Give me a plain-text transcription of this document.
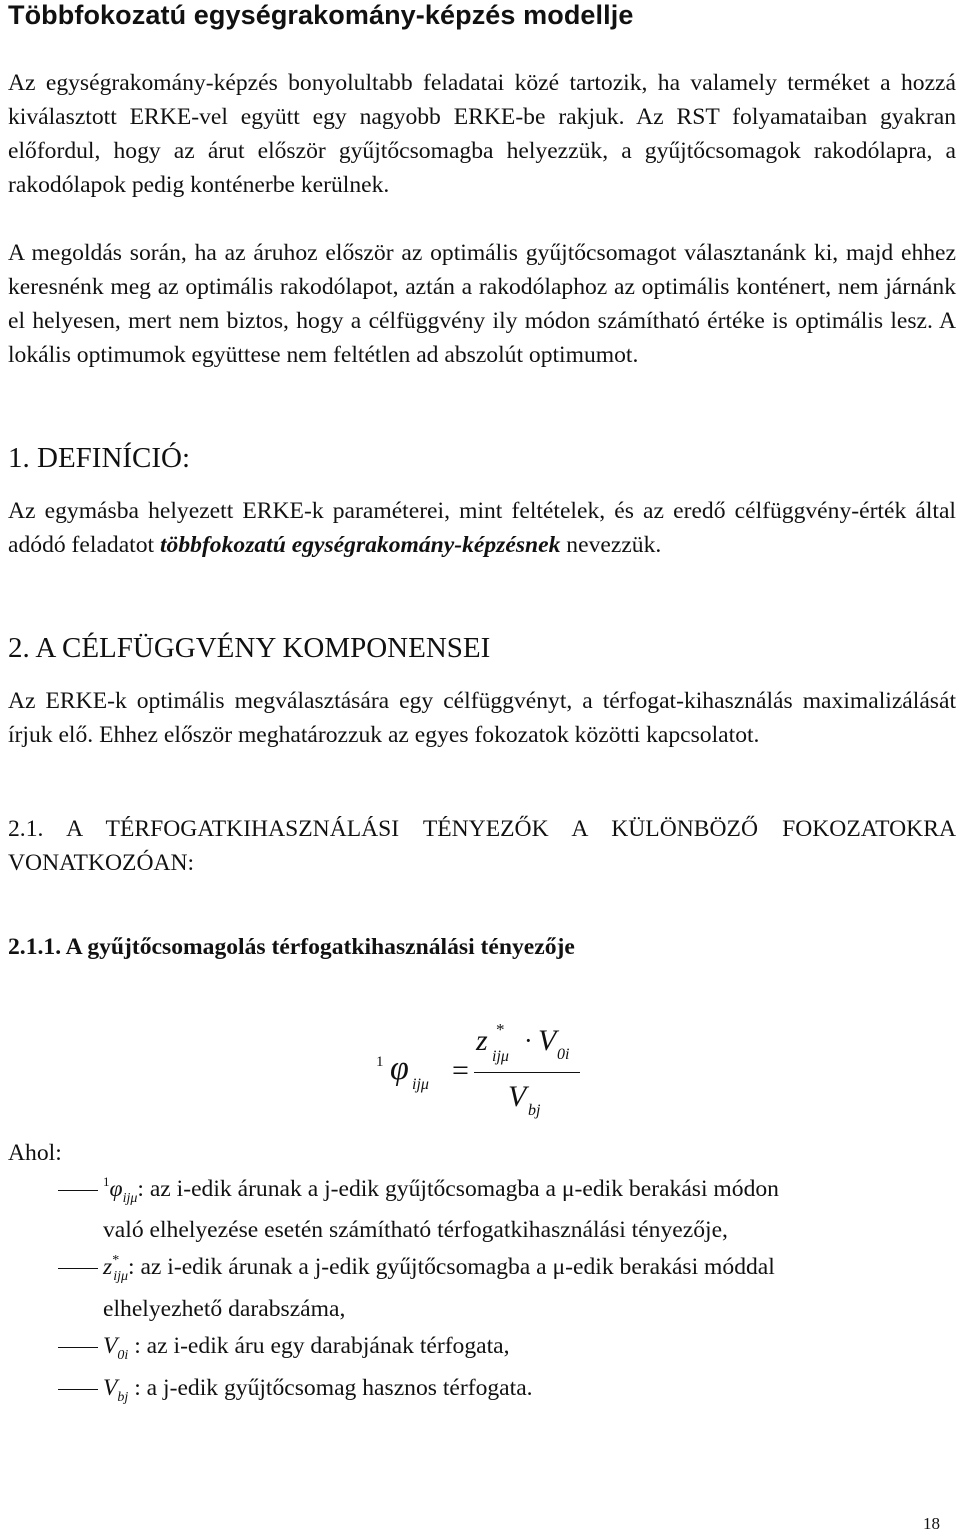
Többfokozatú egységrakomány-képzés modellje

Az egységrakomány-képzés bonyolultabb feladatai közé tartozik, ha valamely terméket a hozzá kiválasztott ERKE-vel együtt egy nagyobb ERKE-be rakjuk. Az RST folyamataiban gyakran előfordul, hogy az árut először gyűjtőcsomagba helyezzük, a gyűjtőcsomagok rakodólapra, a rakodólapok pedig konténerbe kerülnek.

A megoldás során, ha az áruhoz először az optimális gyűjtőcsomagot választanánk ki, majd ehhez keresnénk meg az optimális rakodólapot, aztán a rakodólaphoz az optimális konténert, nem járnánk el helyesen, mert nem biztos, hogy a célfüggvény ily módon számítható értéke is optimális lesz. A lokális optimumok együttese nem feltétlen ad abszolút optimumot.

1. DEFINÍCIÓ:

Az egymásba helyezett ERKE-k paraméterei, mint feltételek, és az eredő célfüggvény-érték által adódó feladatot többfokozatú egységrakomány-képzésnek nevezzük.

2. A CÉLFÜGGVÉNY KOMPONENSEI

Az ERKE-k optimális megválasztására egy célfüggvényt, a térfogat-kihasználás maximalizálását írjuk elő. Ehhez először meghatározzuk az egyes fokozatok közötti kapcsolatot.

2.1. A TÉRFOGATKIHASZNÁLÁSI TÉNYEZŐK A KÜLÖNBÖZŐ FOKOZATOKRA VONATKOZÓAN:

2.1.1. A gyűjtőcsomagolás térfogatkihasználási tényezője

1 φ ijμ =
z *
ijμ
· V 0i
V bj
Ahol:
$^1\varphi_{ij\mu}$: az i-edik árunak a j-edik gyűjtőcsomagba a μ-edik berakási módon
való elhelyezése esetén számítható térfogatkihasználási tényezője,
$z^*_{ij\mu}$: az i-edik árunak a j-edik gyűjtőcsomagba a μ-edik berakási móddal
elhelyezhető darabszáma,
$V_{0i}$ : az i-edik áru egy darabjának térfogata,
$V_{bj}$ : a j-edik gyűjtőcsomag hasznos térfogata.
18
